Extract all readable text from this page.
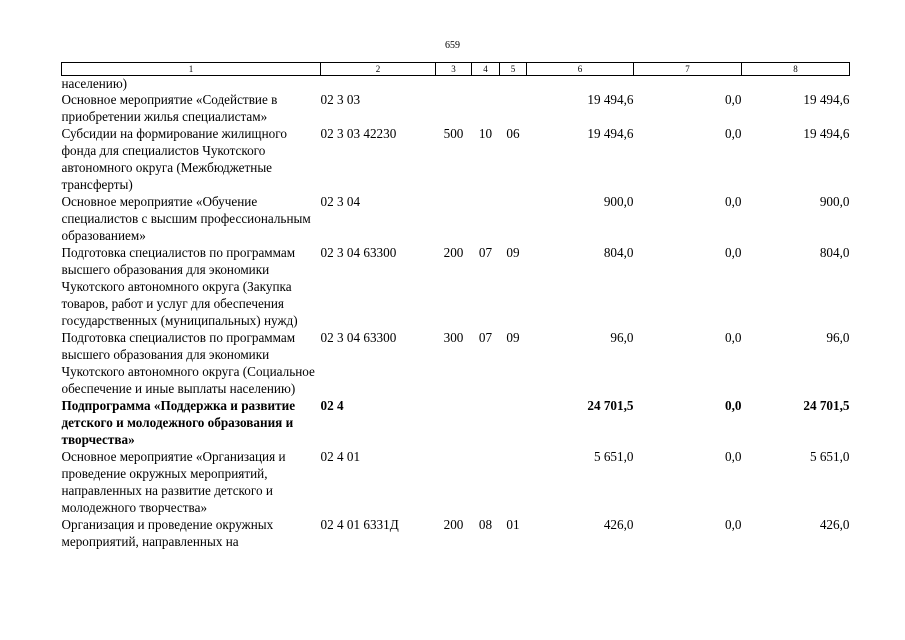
659
1	2	3	4	5	6	7	8
населению)							
Основное мероприятие «Содействие в приобретении жилья специалистам»	02 3 03				19 494,6	0,0	19 494,6
Субсидии на формирование жилищного фонда для специалистов Чукотского автономного округа (Межбюджетные трансферты)	02 3 03 42230	500	10	06	19 494,6	0,0	19 494,6
Основное мероприятие «Обучение специалистов с высшим профессиональным образованием»	02 3 04				900,0	0,0	900,0
Подготовка специалистов по программам высшего образования для экономики Чукотского автономного округа (Закупка товаров, работ и услуг для обеспечения государственных (муниципальных) нужд)	02 3 04 63300	200	07	09	804,0	0,0	804,0
Подготовка специалистов по программам высшего образования для экономики Чукотского автономного округа (Социальное обеспечение и иные выплаты населению)	02 3 04 63300	300	07	09	96,0	0,0	96,0
Подпрограмма «Поддержка и развитие детского и молодежного образования и творчества»	02 4				24 701,5	0,0	24 701,5
Основное мероприятие «Организация и проведение окружных мероприятий, направленных на развитие детского и молодежного творчества»	02 4 01				5 651,0	0,0	5 651,0
Организация и проведение окружных мероприятий, направленных на	02 4 01 6331Д	200	08	01	426,0	0,0	426,0
